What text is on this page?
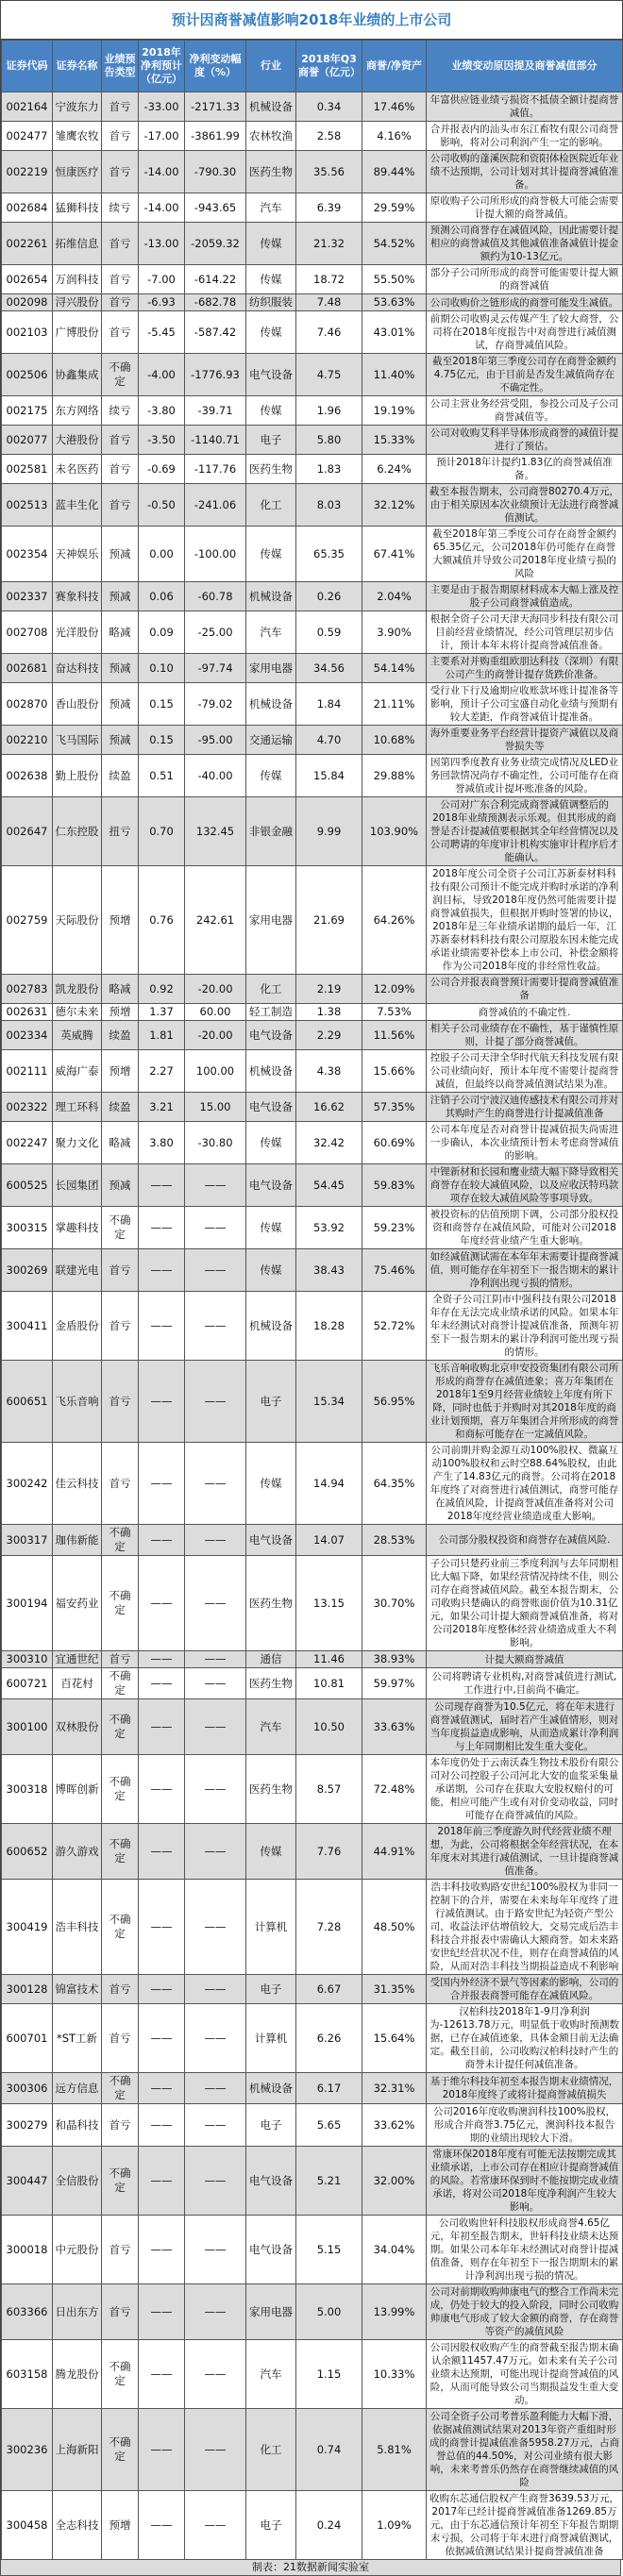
预计因商誉减值影响2018年业绩的上市公司
证券代码	证券名称	业绩预
告类型	2018年
净利预计
（亿元）	净利变动幅
度（%）	行业	2018年Q3
商誉（亿元）	商誉/净资产	业绩变动原因提及商誉减值部分

002164	宁波东力	首亏	-33.00	-2171.33	机械设备	0.34	17.46%	年富供应链业绩亏损资不抵债全额计提商誉减值。
002477	雏鹰农牧	首亏	-17.00	-3861.99	农林牧渔	2.58	4.16%	合并报表内的汕头市东江畜牧有限公司商誉影响，将对公司利润产生一定的影响。
002219	恒康医疗	首亏	-14.00	-790.30	医药生物	35.56	89.44%	公司收购的蓬溪医院和资阳体检医院近年业绩不达预期，公司计划对其计提商誉减值准备。
002684	猛狮科技	续亏	-14.00	-943.65	汽车	6.39	29.59%	原收购子公司所形成的商誉极大可能会需要计提大额的商誉减值。
002261	拓维信息	首亏	-13.00	-2059.32	传媒	21.32	54.52%	预测公司商誉存在减值风险，因此需要计提相应的商誉减值及其他减值准备减值计提金额约为10-13亿元。
002654	万润科技	首亏	-7.00	-614.22	传媒	18.72	55.50%	部分子公司所形成的商誉可能需要计提大额的商誉减值
002098	浔兴股份	首亏	-6.93	-682.78	纺织服装	7.48	53.63%	公司收购价之链形成的商誉可能发生减值。
002103	广博股份	首亏	-5.45	-587.42	传媒	7.46	43.01%	前期公司收购灵云传媒产生了较大商誉，公司将在2018年度报告中对商誉进行减值测试，存商誉减值风险。
002506	协鑫集成	不确定	-4.00	-1776.93	电气设备	4.75	11.40%	截至2018年第三季度公司存在商誉金额约4.75亿元，由于目前是否发生减值尚存在不确定性。
002175	东方网络	续亏	-3.80	-39.71	传媒	1.96	19.19%	公司主营业务经营受阻，参投公司及子公司商誉减值等。
002077	大港股份	首亏	-3.50	-1140.71	电子	5.80	15.33%	公司对收购艾科半导体形成商誉的减值计提进行了预估。
002581	未名医药	首亏	-0.69	-117.76	医药生物	1.83	6.24%	预计2018年计提约1.83亿的商誉减值准备。
002513	蓝丰生化	首亏	-0.50	-241.06	化工	8.03	32.12%	截至本报告期末，公司商誉80270.4万元，由于相关原因本次业绩预计无法进行商誉减值测试。
002354	天神娱乐	预减	0.00	-100.00	传媒	65.35	67.41%	截至2018年第三季度公司存在商誉金额约65.35亿元，公司2018年仍可能存在商誉大额减值并导致公司2018年度业绩亏损的风险
002337	赛象科技	预减	0.06	-60.78	机械设备	0.26	2.04%	主要是由于报告期原材料成本大幅上涨及控股子公司商誉减值造成。
002708	光洋股份	略减	0.09	-25.00	汽车	0.59	3.90%	根据全资子公司天津天海同步科技有限公司目前经营业绩情况，经公司管理层初步估计，预计本年末将计提商誉减值准备。
002681	奋达科技	预减	0.10	-97.74	家用电器	34.56	54.14%	主要系对并购重组欧朋达科技（深圳）有限公司产生的商誉计提存货跌价准备。
002870	香山股份	预减	0.15	-79.02	机械设备	1.84	21.11%	受行业下行及逾期应收账款坏账计提准备等影响，预计子公司宝盛自动化业绩与预期有较大差距，作商誉减值计提准备。
002210	飞马国际	预减	0.15	-95.00	交通运输	4.70	10.68%	海外重要业务平台经营计提资产减值以及商誉损失等
002638	勤上股份	续盈	0.51	-40.00	传媒	15.84	29.88%	因第四季度教育业务业绩完成情况及LED业务回款情况尚存不确定性，公司可能存在商誉减值或计提坏账准备的风险。
002647	仁东控股	扭亏	0.70	132.45	非银金融	9.99	103.90%	公司对广东合利完成商誉减值调整后的2018年业绩预测表示乐观。但其形成的商誉是否计提减值要根据其全年经营情况以及公司聘请的年度审计机构实施审计程序后才能确认。
002759	天际股份	预增	0.76	242.61	家用电器	21.69	64.26%	2018年度公司全资子公司江苏新泰材料科技有限公司预计不能完成并购时承诺的净利润目标，导致2018年度仍然可能需要计提商誉减值损失，但根据并购时签署的协议，2018年是三年业绩承诺期的最后一年，江苏新泰材料科技有限公司原股东因未能完成承诺业绩需要补偿本上市公司，补偿金额将作为公司2018年度的非经常性收益。
002783	凯龙股份	略减	0.92	-20.00	化工	2.19	12.09%	公司合并报表商誉预计需要计提商誉减值准备
002631	德尔未来	预增	1.37	60.00	轻工制造	1.38	7.53%	商誉减值的不确定性.
002334	英威腾	续盈	1.81	-20.00	电气设备	2.29	11.56%	相关子公司业绩存在不确性，基于谨慎性原则，计提了部分商誉减值。
002111	威海广泰	预增	2.27	100.00	机械设备	4.38	15.66%	控股子公司天津全华时代航天科技发展有限公司业绩向好，预计本年度不需要计提商誉减值，但最终以商誉减值测试结果为准。
002322	理工环科	续盈	3.21	15.00	电气设备	16.62	57.35%	注销子公司宁波汉迪传感技术有限公司并对其购时产生的商誉进行计提减值准备
002247	聚力文化	略减	3.80	-30.80	传媒	32.42	60.69%	公司本年度是否对商誉计提减值损失尚需进一步确认，本次业绩预计暂未考虑商誉减值的影响。
600525	长园集团	预减	——	——	电气设备	54.45	59.83%	中锂新材和长园和鹰业绩大幅下降导致相关商誉存在较大减值风险，以及应收沃特玛款项存在较大减值风险等事项导致。
300315	掌趣科技	不确定	——	——	传媒	53.92	59.23%	被投资标的估值预期下调，公司部分股权投资和商誉存在减值风险，可能对公司2018年度经营业绩产生重大影响。
300269	联建光电	首亏	——	——	传媒	38.43	75.46%	如经减值测试需在本年年末需要计提商誉减值，则可能存在年初至下一报告期末的累计净利润出现亏损的情形。
300411	金盾股份	首亏	——	——	机械设备	18.28	52.72%	全资子公司江阴市中强科技有限公司2018年存在无法完成业绩承诺的风险。如果本年年末经测试对商誉计提减值准备，预测年初至下一报告期末的累计净利润可能出现亏损的情形。
600651	飞乐音响	首亏	——	——	电子	15.34	56.95%	飞乐音响收购北京申安投资集团有限公司所形成的商誉存在减值迹象；喜万年集团在2018年1至9月经营业绩较上年度有所下降，同时也低于并购时对其2018年度的商业计划预期，喜万年集团合并所形成的商誉和商标可能存在一定减值风险。
300242	佳云科技	首亏	——	——	传媒	14.94	64.35%	公司前期并购金源互动100%股权、微赢互动100%股权和云时空88.64%股权，由此产生了14.83亿元的商誉。公司将在2018年度终了对商誉进行减值测试，商誉可能存在减值风险，计提商誉减值准备将对公司2018年度经营业绩造成重大影响。
300317	珈伟新能	不确定	——	——	电气设备	14.07	28.53%	公司部分股权投资和商誉存在减值风险.
300194	福安药业	不确定	——	——	医药生物	13.15	30.70%	子公司只楚药业前三季度利润与去年同期相比大幅下降，如果经营情况持续不佳，则公司存在商誉减值风险。截至本报告期末，公司收购只楚确认的商誉账面价值为10.31亿元，如果公司计提大额商誉减值准备，将对公司2018年度整体经营业绩造成重大不利影响。
300310	宜通世纪	首亏	——	——	通信	11.46	38.93%	计提大额商誉减值
600721	百花村	不确定	——	——	医药生物	10.81	59.97%	公司将聘请专业机构,对商誉减值进行测试,工作进行中,目前尚不确定。
300100	双林股份	不确定	——	——	汽车	10.50	33.63%	公司现存商誉为10.5亿元，将在年末进行商誉减值测试，届时若产生减值情形，则对当年度损益造成影响，从而造成累计净利润与上年同期相比发生重大变化。
300318	博晖创新	不确定	——	——	医药生物	8.57	72.48%	本年度仍处于云南沃森生物技术股份有限公司对公司控股子公司河北大安的血浆采集量承诺期，公司存在获取大安股权赔付的可能，相应可能产生或有对价变动收益，同时可能存在商誉减值的风险。
600652	游久游戏	不确定	——	——	传媒	7.76	44.91%	2018年前三季度游久时代经营业绩不理想，为此，公司将根据全年经营状况，在本年度末对其进行减值测试，一旦计提商誉减值准备。
300419	浩丰科技	不确定	——	——	计算机	7.28	48.50%	浩丰科技收购路安世纪100%股权为非同一控制下的合并，需要在未来每年年度终了进行减值测试。由于路安世纪为轻资产型公司，收益法评估增值较大，交易完成后浩丰科技合并报表中需确认大额商誉。如未来路安世纪经营状况不佳，则存在商誉减值的风险，从而对浩丰科技当期损益造成不利影响
300128	锦富技术	首亏	——	——	电子	6.67	31.35%	受国内外经济不景气等因素的影响，公司的合并报表商誉可能存在减值风险。
600701	*ST工新	首亏	——	——	计算机	6.26	15.64%	汉柏科技2018年1-9月净利润为-12613.78万元，明显低于收购时预测数据，已存在减值迹象，具体金额目前无法确定。截至目前，公司收购汉柏科技时产生的商誉未计提任何减值准备。
300306	远方信息	不确定	——	——	机械设备	6.17	32.31%	基于维尔科技年初至本报告期末业绩情况，2018年度终了或将计提商誉减值损失
300279	和晶科技	首亏	——	——	电子	5.65	33.62%	公司2016年度收购澳润科技100%股权，形成合并商誉3.75亿元，澳润科技本报告期的业绩出现较大下滑。
300447	全信股份	不确定	——	——	电气设备	5.21	32.00%	常康环保2018年度有可能无法按期完成其业绩承诺，上市公司存在相应计提商誉减值的风险。若常康环保到时不能按期完成业绩承诺，将对公司2018年度净利润产生较大影响。
300018	中元股份	首亏	——	——	电气设备	5.15	34.04%	公司收购世轩科技股权形成商誉4.65亿元，年初至报告期末，世轩科技业绩未达预期。如果公司本年年末经测试对商誉计提减值准备，则存在年初至下一报告期期末的累计净利润出现亏损的情况。
603366	日出东方	首亏	——	——	家用电器	5.00	13.99%	公司对前期收购帅康电气的整合工作尚未完成，仍处于较大的投入阶段，同时公司收购帅康电气形成了较大金额的商誉，存在商誉等资产的减值风险
603158	腾龙股份	不确定	——	——	汽车	1.15	10.33%	公司因股权收购产生的商誉截至报告期末确认余额11457.47万元。如未来有关子公司业绩未达预期，可能出现计提商誉减值的风险，从而可能导致公司当期损益发生重大变动。
300236	上海新阳	不确定	——	——	化工	0.74	5.81%	公司全资子公司考普乐盈利能力大幅下滑，依据减值测试结果对2013年资产重组时形成的商誉计提减值准备5958.27万元，占商誉总值的44.50%，对公司业绩有很大影响，未来考普乐仍然存在商誉继续减值的风险
300458	全志科技	预增	——	——	电子	0.24	1.09%	收购东芯通信股权产生商誉3639.53万元，2017年已经计提商誉减值准备1269.85万元，由于东芯通信预计年初至下年报告期期末亏损，公司将于年末进行商誉减值测试，依据减值测试结果计提商誉减值准备
制表：21数据新闻实验室
